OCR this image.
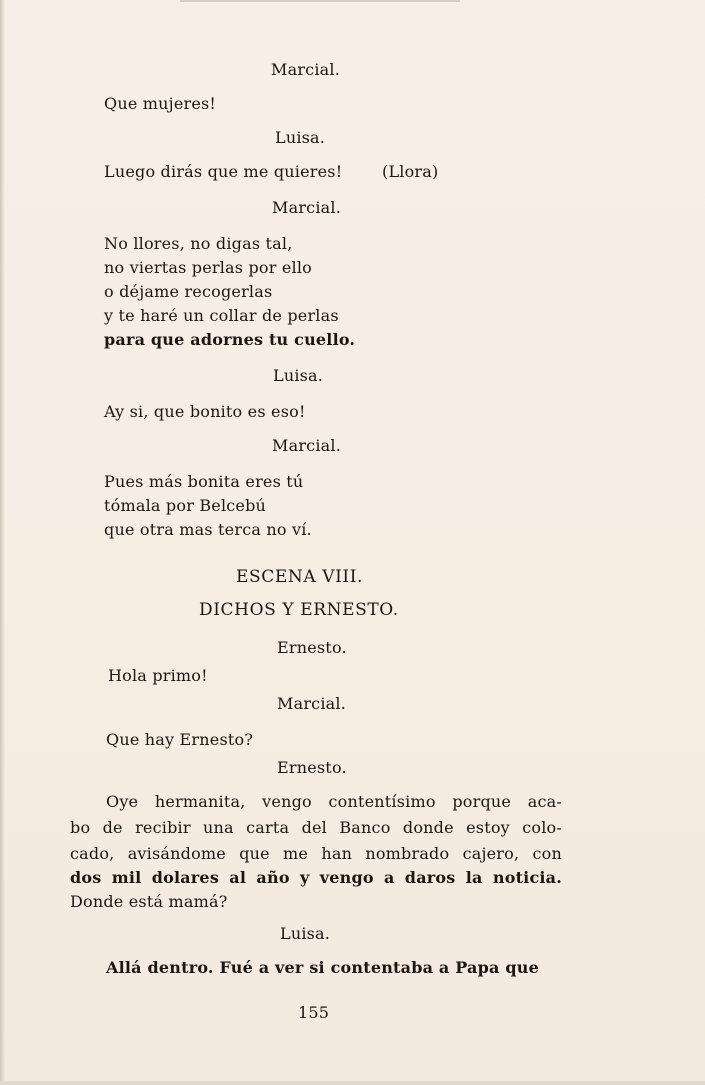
Marcial.
Que mujeres!
Luisa.
Luego dirás que me quieres! (Llora)
Marcial.
No llores, no digas tal,
no viertas perlas por ello
o déjame recogerlas
y te haré un collar de perlas
para que adornes tu cuello.
Luisa.
Ay si, que bonito es eso!
Marcial.
Pues más bonita eres tú
tómala por Belcebú
que otra mas terca no ví.
ESCENA VIII.
DICHOS Y ERNESTO.
Ernesto.
Hola primo!
Marcial.
Que hay Ernesto?
Ernesto.
Oye hermanita, vengo contentísimo porque aca-
bo de recibir una carta del Banco donde estoy colo-
cado, avisándome que me han nombrado cajero, con
dos mil dolares al año y vengo a daros la noticia.
Donde está mamá?
Luisa.
Allá dentro. Fué a ver si contentaba a Papa que
155
